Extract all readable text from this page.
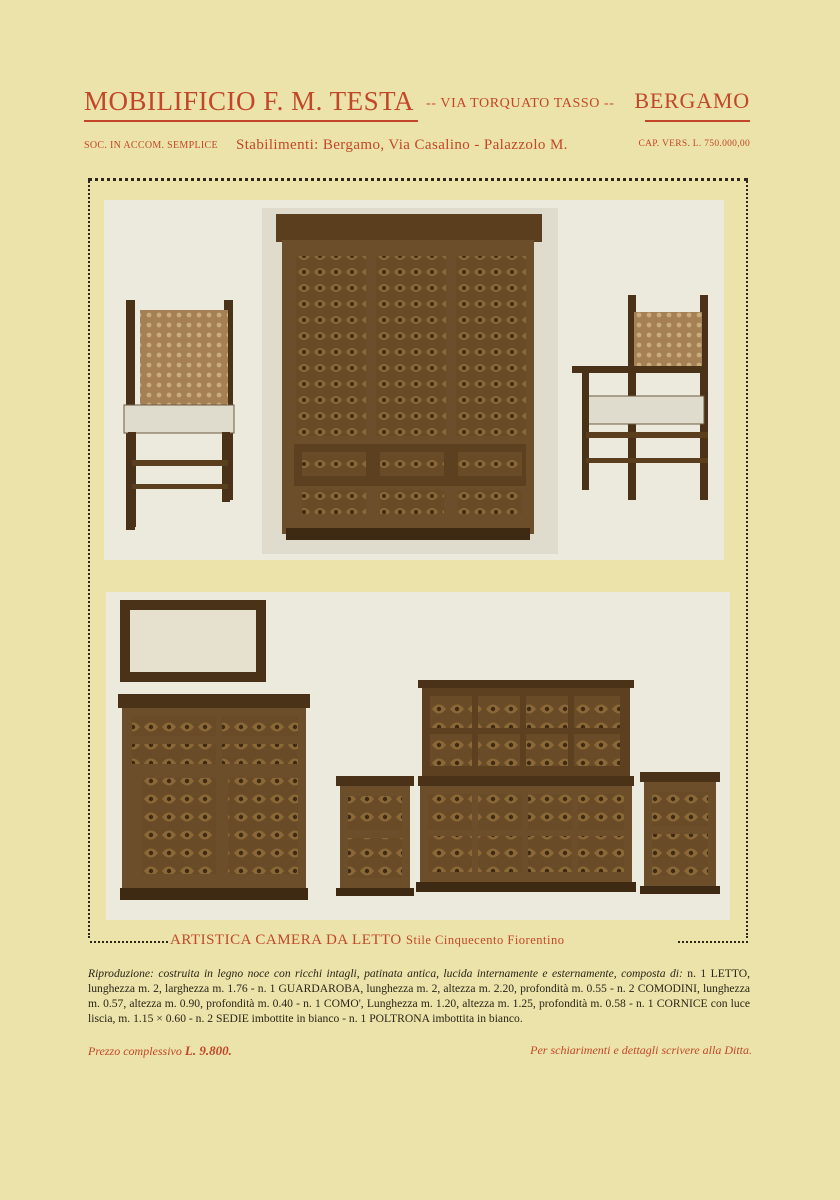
MOBILIFICIO F. M. TESTA -- VIA TORQUATO TASSO -- BERGAMO
SOC. IN ACCOM. SEMPLICE Stabilimenti: Bergamo, Via Casalino - Palazzolo M.	CAP. VERS. L. 750.000,00
ARTISTICA CAMERA DA LETTO Stile Cinquecento Fiorentino
Riproduzione: costruita in legno noce con ricchi intagli, patinata antica, lucida internamente e esternamente, composta di: n. 1 LETTO, lunghezza m. 2, larghezza m. 1.76 - n. 1 GUARDAROBA, lunghezza m. 2, altezza m. 2.20, profondità m. 0.55 - n. 2 COMODINI, lunghezza m. 0.57, altezza m. 0.90, profondità m. 0.40 - n. 1 COMO', Lunghezza m. 1.20, altezza m. 1.25, profondità m. 0.58 - n. 1 CORNICE con luce liscia, m. 1.15 × 0.60 - n. 2 SEDIE imbottite in bianco - n. 1 POLTRONA imbottita in bianco.
Prezzo complessivo L. 9.800.	Per schiarimenti e dettagli scrivere alla Ditta.
